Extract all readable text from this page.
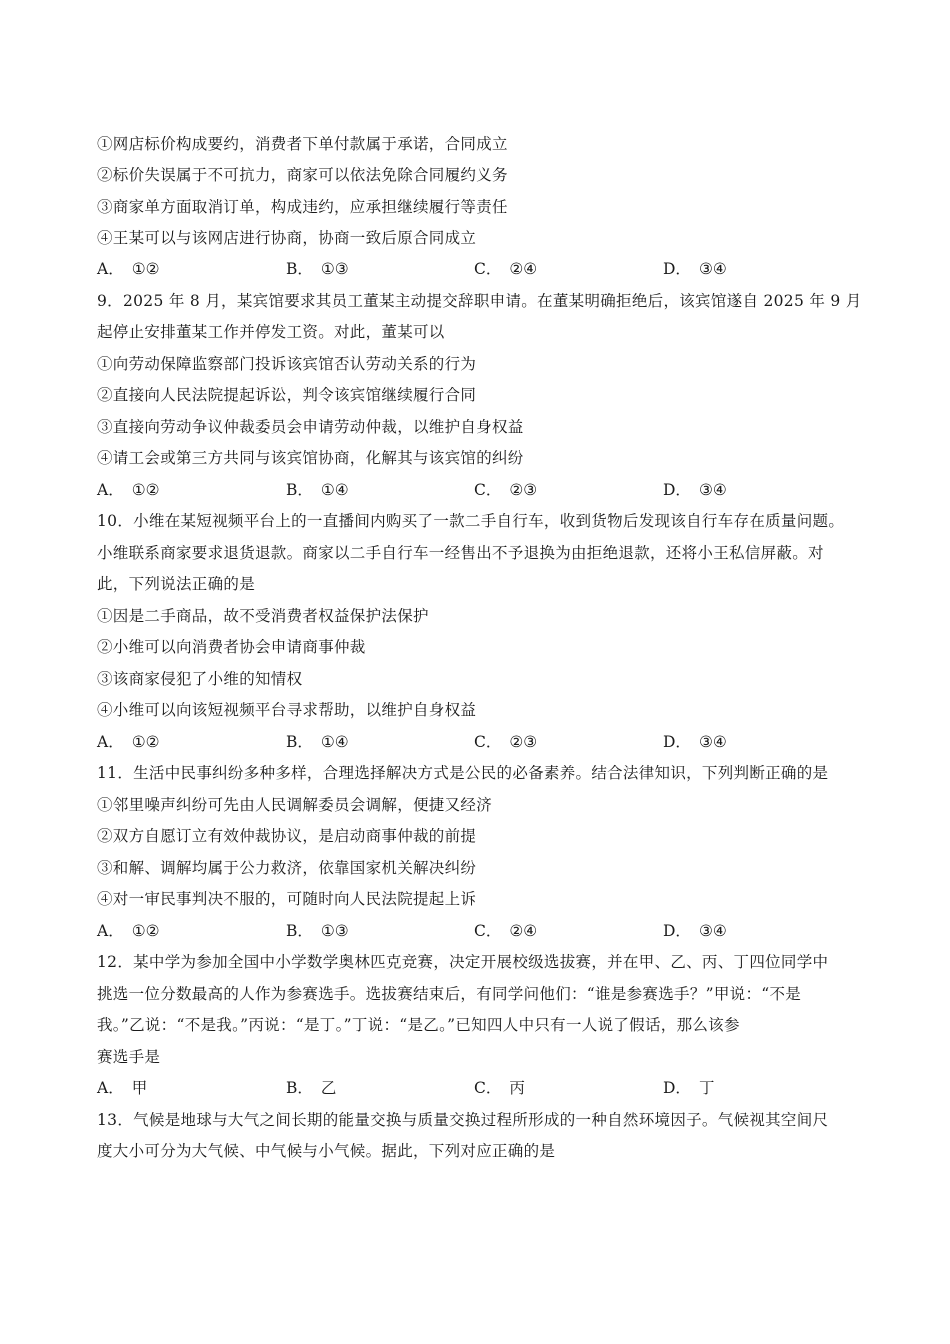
①网店标价构成要约，消费者下单付款属于承诺，合同成立
②标价失误属于不可抗力，商家可以依法免除合同履约义务
③商家单方面取消订单，构成违约，应承担继续履行等责任
④王某可以与该网店进行协商，协商一致后原合同成立
A． ①②	B． ①③	C． ②④	D． ③④
9．2025 年 8 月，某宾馆要求其员工董某主动提交辞职申请。在董某明确拒绝后，该宾馆遂自 2025 年 9 月
起停止安排董某工作并停发工资。对此，董某可以
①向劳动保障监察部门投诉该宾馆否认劳动关系的行为
②直接向人民法院提起诉讼，判令该宾馆继续履行合同
③直接向劳动争议仲裁委员会申请劳动仲裁，以维护自身权益
④请工会或第三方共同与该宾馆协商，化解其与该宾馆的纠纷
A． ①②	B． ①④	C． ②③	D． ③④
10．小维在某短视频平台上的一直播间内购买了一款二手自行车，收到货物后发现该自行车存在质量问题。
小维联系商家要求退货退款。商家以二手自行车一经售出不予退换为由拒绝退款，还将小王私信屏蔽。对
此，下列说法正确的是
①因是二手商品，故不受消费者权益保护法保护
②小维可以向消费者协会申请商事仲裁
③该商家侵犯了小维的知情权
④小维可以向该短视频平台寻求帮助，以维护自身权益
A． ①②	B． ①④	C． ②③	D． ③④
11．生活中民事纠纷多种多样，合理选择解决方式是公民的必备素养。结合法律知识，下列判断正确的是
①邻里噪声纠纷可先由人民调解委员会调解，便捷又经济
②双方自愿订立有效仲裁协议，是启动商事仲裁的前提
③和解、调解均属于公力救济，依靠国家机关解决纠纷
④对一审民事判决不服的，可随时向人民法院提起上诉
A． ①②	B． ①③	C． ②④	D． ③④
12．某中学为参加全国中小学数学奥林匹克竞赛，决定开展校级选拔赛，并在甲、乙、丙、丁四位同学中
挑选一位分数最高的人作为参赛选手。选拔赛结束后，有同学问他们：“谁是参赛选手？”甲说：“不是
我。”乙说：“不是我。”丙说：“是丁。”丁说：“是乙。”已知四人中只有一人说了假话，那么该参
赛选手是
A． 甲	B． 乙	C． 丙	D． 丁
13．气候是地球与大气之间长期的能量交换与质量交换过程所形成的一种自然环境因子。气候视其空间尺
度大小可分为大气候、中气候与小气候。据此，下列对应正确的是
